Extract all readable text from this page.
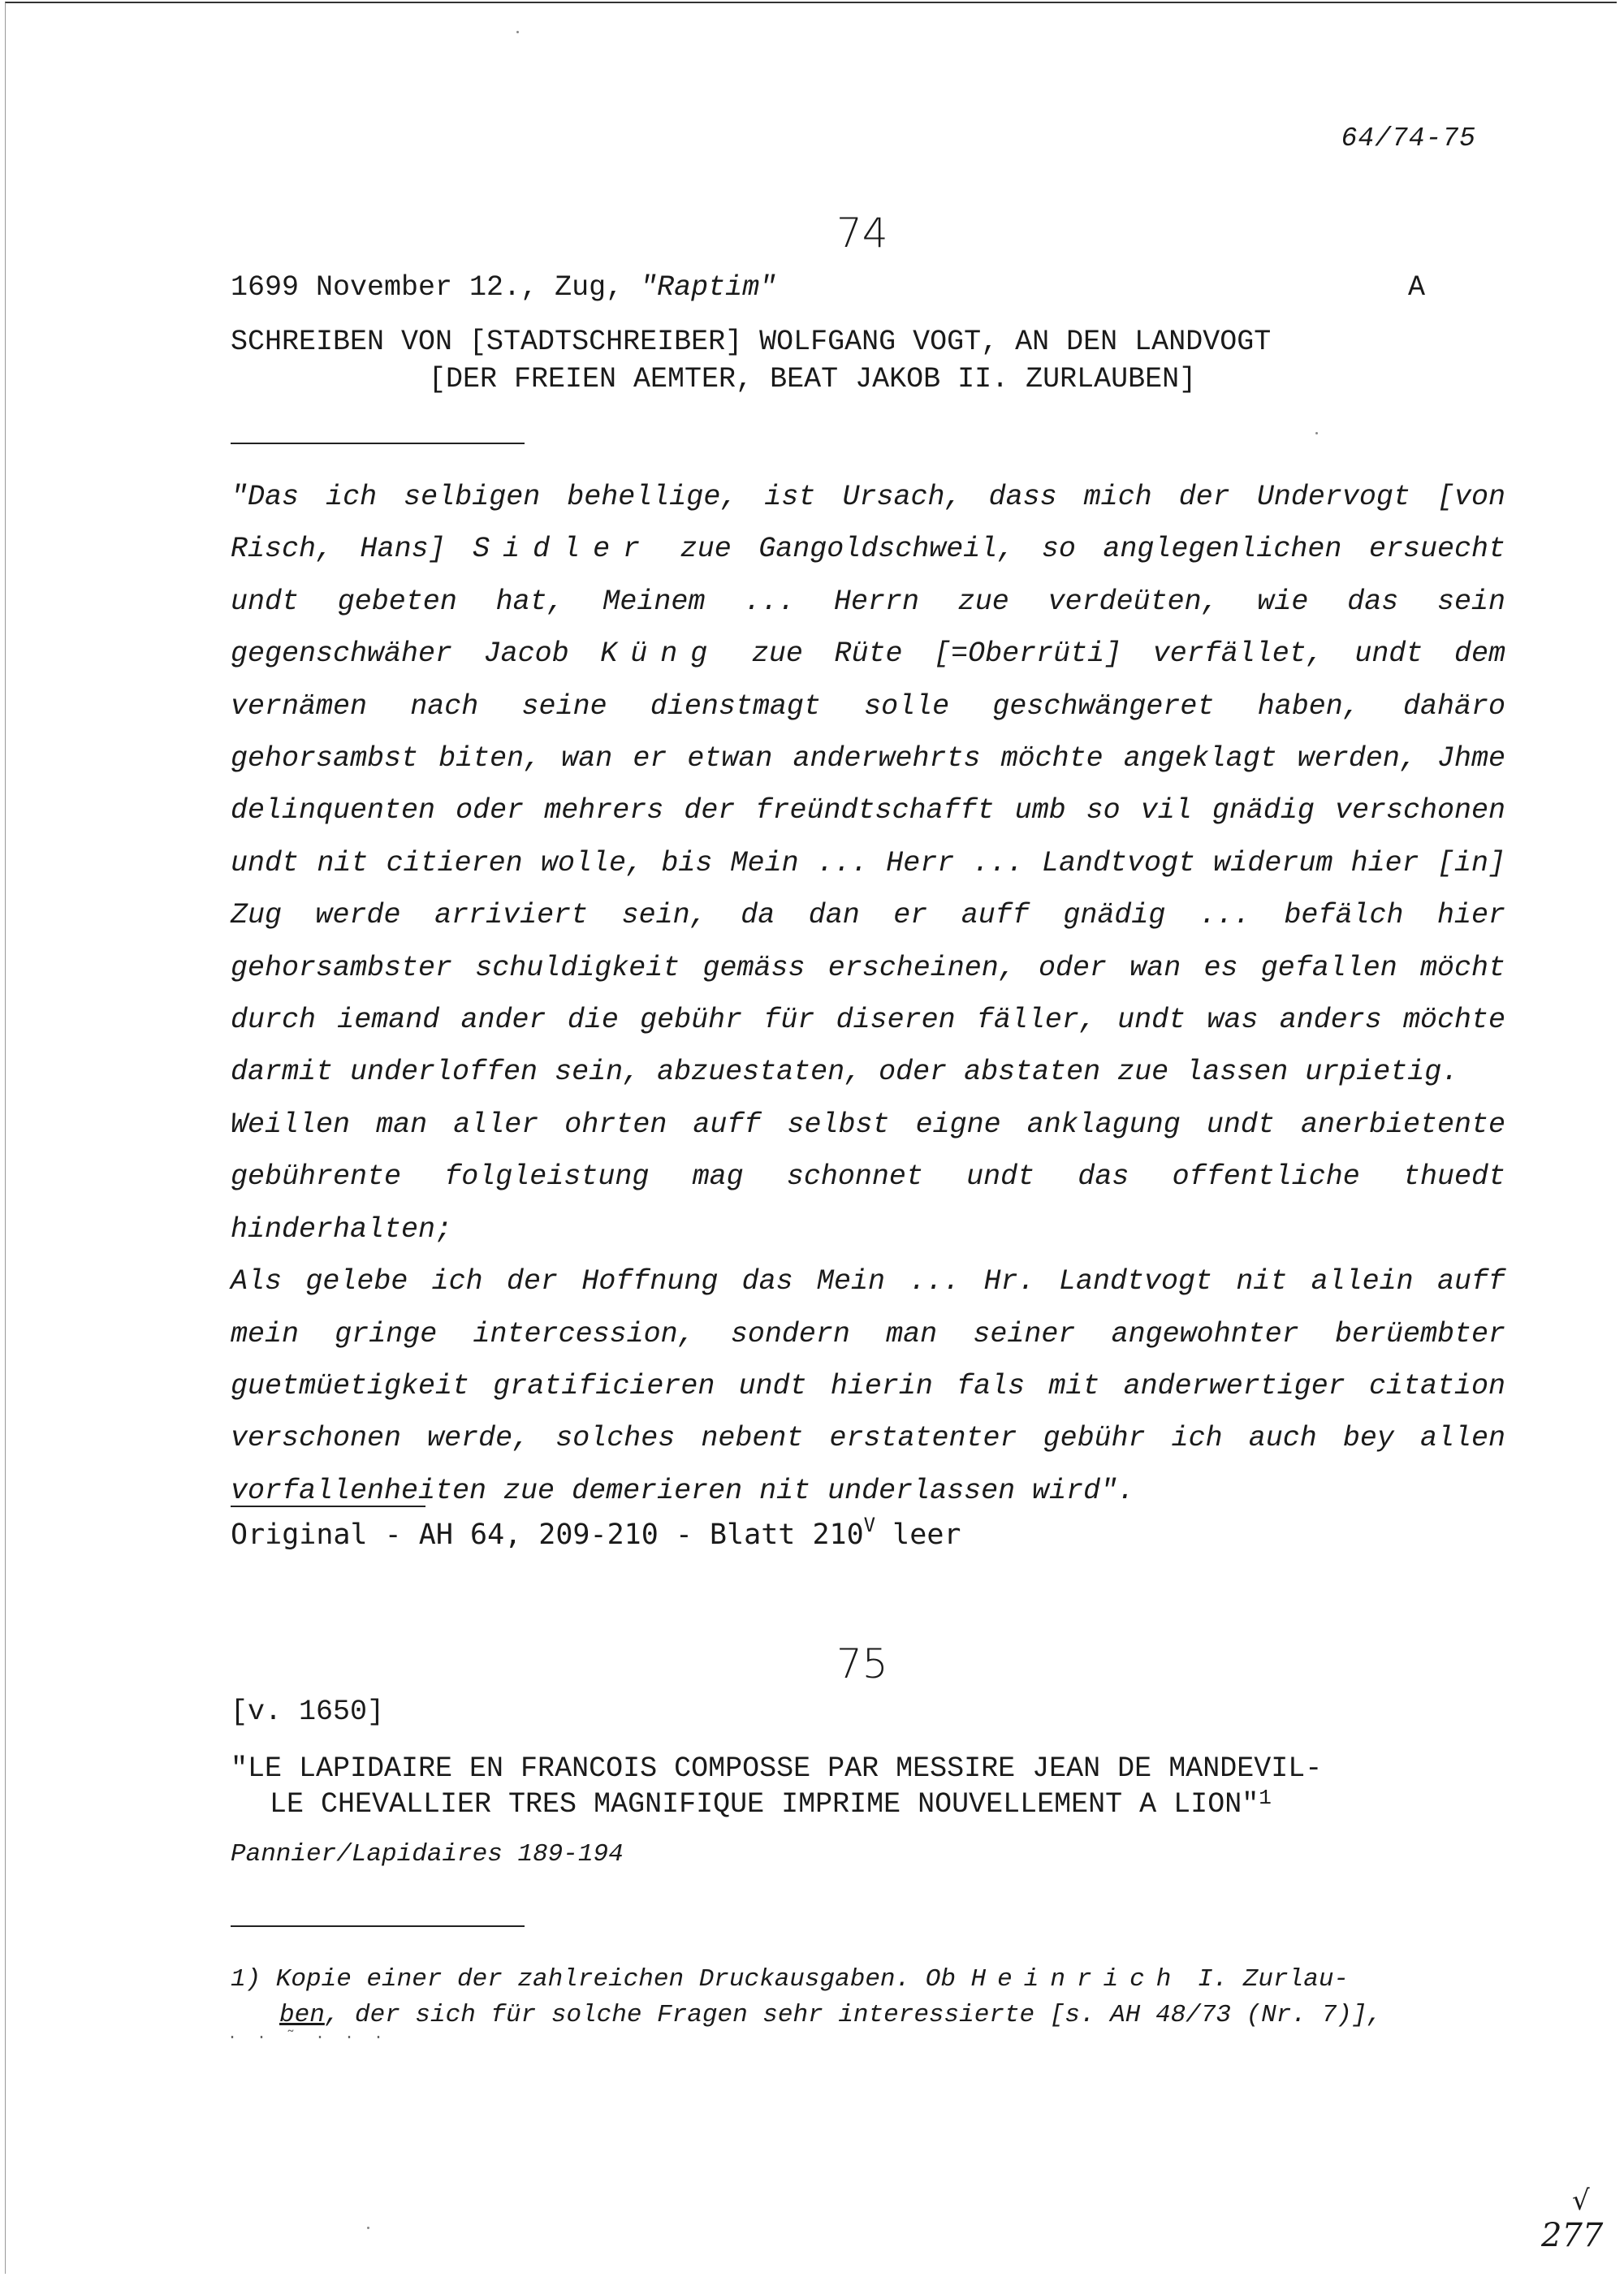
64/74-75
74
1699 November 12., Zug, "Raptim"	A
SCHREIBEN VON [STADTSCHREIBER] WOLFGANG VOGT, AN DEN LANDVOGT
[DER FREIEN AEMTER, BEAT JAKOB II. ZURLAUBEN]

"Das ich selbigen behellige, ist Ursach, dass mich der Undervogt [von Risch, Hans] Sidler zue Gangoldschweil, so anglegenlichen ersuecht undt gebeten hat, Meinem ... Herrn zue verdeüten, wie das sein gegenschwäher Jacob Küng zue Rüte [=Oberrüti] verfället, undt dem vernämen nach seine dienstmagt solle geschwängeret haben, dahäro gehorsambst biten, wan er etwan anderwehrts möchte angeklagt werden, Jhme delinquenten oder mehrers der freündtschafft umb so vil gnädig verschonen undt nit citieren wolle, bis Mein ... Herr ... Landtvogt widerum hier [in] Zug werde arriviert sein, da dan er auff gnädig ... befälch hier gehorsambster schuldigkeit gemäss erscheinen, oder wan es gefallen möcht durch iemand ander die gebühr für diseren fäller, undt was anders möchte darmit underloffen sein, abzuestaten, oder abstaten zue lassen urpietig.

Weillen man aller ohrten auff selbst eigne anklagung undt anerbietente gebührente folgleistung mag schonnet undt das offentliche thuedt hinderhalten;

Als gelebe ich der Hoffnung das Mein ... Hr. Landtvogt nit allein auff mein gringe intercession, sondern man seiner angewohnter berüembter guetmüetigkeit gratificieren undt hierin fals mit anderwertiger citation verschonen werde, solches nebent erstatenter gebühr ich auch bey allen vorfallenheiten zue demerieren nit underlassen wird".

Original - AH 64, 209-210 - Blatt $210^V$ leer
75
[v. 1650]
"LE LAPIDAIRE EN FRANCOIS COMPOSSE PAR MESSIRE JEAN DE MANDEVIL-
LE CHEVALLIER TRES MAGNIFIQUE IMPRIME NOUVELLEMENT A LION"$^1$
Pannier/Lapidaires 189-194
1) Kopie einer der zahlreichen Druckausgaben. Ob Heinrich I. Zurlau-
ben, der sich für solche Fragen sehr interessierte [s. AH 48/73 (Nr. 7)],
· · ˜ · · ·
√
277
